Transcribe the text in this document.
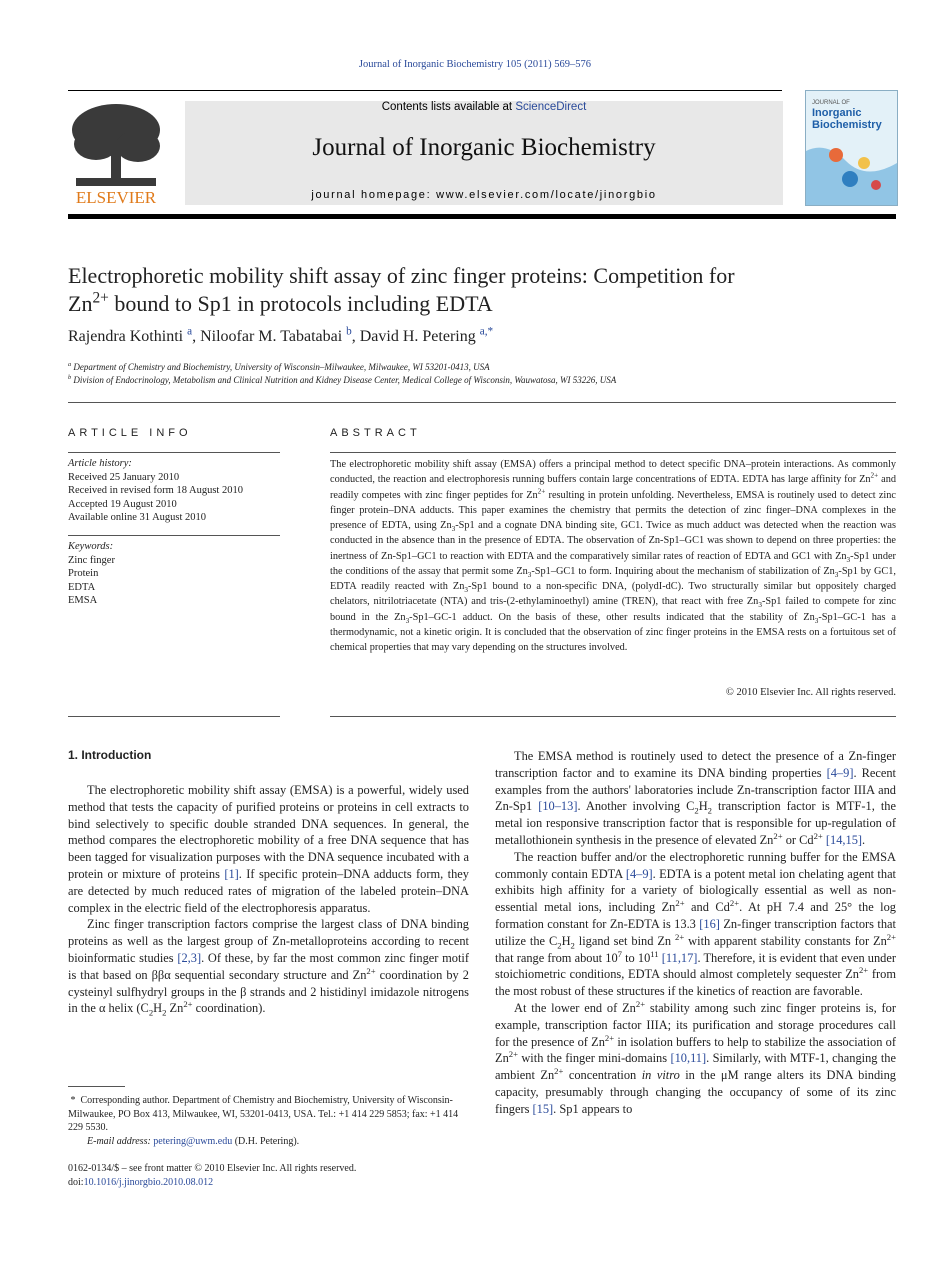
Journal of Inorganic Biochemistry 105 (2011) 569–576
ELSEVIER
Contents lists available at ScienceDirect
Journal of Inorganic Biochemistry
journal homepage: www.elsevier.com/locate/jinorgbio
JOURNAL OF
Inorganic
Biochemistry
Electrophoretic mobility shift assay of zinc finger proteins: Competition for
$Zn^{2+}$ bound to Sp1 in protocols including EDTA
Rajendra Kothinti $^a$, Niloofar M. Tabatabai $^b$, David H. Petering $^{a,*}$
$^a$ Department of Chemistry and Biochemistry, University of Wisconsin–Milwaukee, Milwaukee, WI 53201-0413, USA
$^b$ Division of Endocrinology, Metabolism and Clinical Nutrition and Kidney Disease Center, Medical College of Wisconsin, Wauwatosa, WI 53226, USA
ARTICLE INFO
Article history:
Received 25 January 2010
Received in revised form 18 August 2010
Accepted 19 August 2010
Available online 31 August 2010
Keywords:
Zinc finger
Protein
EDTA
EMSA
ABSTRACT
The electrophoretic mobility shift assay (EMSA) offers a principal method to detect specific DNA–protein interactions. As commonly conducted, the reaction and electrophoresis running buffers contain large concentrations of EDTA. EDTA has large affinity for $Zn^{2+}$ and readily competes with zinc finger peptides for $Zn^{2+}$ resulting in protein unfolding. Nevertheless, EMSA is routinely used to detect zinc finger protein–DNA adducts. This paper examines the chemistry that permits the detection of zinc finger–DNA complexes in the presence of EDTA, using $Zn_3-Sp1$ and a cognate DNA binding site, GC1. Twice as much adduct was detected when the reaction was conducted in the absence than in the presence of EDTA. The observation of Zn-Sp1–GC1 was shown to depend on three properties: the inertness of Zn-Sp1–GC1 to reaction with EDTA and the comparatively similar rates of reaction of EDTA and GC1 with $Zn_3-Sp1$ under the conditions of the assay that permit some $Zn_3-Sp1-GC1$ to form. Inquiring about the mechanism of stabilization of $Zn_3-Sp1$ by GC1, EDTA readily reacted with $Zn_3-Sp1$ bound to a non-specific DNA, (polydI-dC). Two structurally similar but oppositely charged chelators, nitrilotriacetate (NTA) and tris-(2-ethylaminoethyl) amine (TREN), that react with free $Zn_3-Sp1$ failed to compete for zinc bound in the $Zn_3-Sp1-GC-1$ adduct. On the basis of these, other results indicated that the stability of $Zn_3-Sp1-GC-1$ has a thermodynamic, not a kinetic origin. It is concluded that the observation of zinc finger proteins in the EMSA rests on a fortuitous set of chemical properties that may vary depending on the structures involved.
© 2010 Elsevier Inc. All rights reserved.
1. Introduction

The electrophoretic mobility shift assay (EMSA) is a powerful, widely used method that tests the capacity of purified proteins or proteins in cell extracts to bind selectively to specific double stranded DNA sequences. In general, the method compares the electrophoretic mobility of a free DNA sequence that has been tagged for visualization purposes with the DNA sequence incubated with a protein or mixture of proteins [1]. If specific protein–DNA adducts form, they are detected by much reduced rates of migration of the labeled protein–DNA complex in the electric field of the electrophoresis apparatus.

Zinc finger transcription factors comprise the largest class of DNA binding proteins as well as the largest group of Zn-metalloproteins according to recent bioinformatic studies [2,3]. Of these, by far the most common zinc finger motif is that based on ββα sequential secondary structure and $Zn^{2+}$ coordination by 2 cysteinyl sulfhydryl groups in the β strands and 2 histidinyl imidazole nitrogens in the α helix ($C_2H_2$ $Zn^{2+}$ coordination).

The EMSA method is routinely used to detect the presence of a Zn-finger transcription factor and to examine its DNA binding properties [4–9]. Recent examples from the authors' laboratories include Zn-transcription factor IIIA and Zn-Sp1 [10–13]. Another involving $C_2H_2$ transcription factor is MTF-1, the metal ion responsive transcription factor that is responsible for up-regulation of metallothionein synthesis in the presence of elevated $Zn^{2+}$ or $Cd^{2+}$ [14,15].

The reaction buffer and/or the electrophoretic running buffer for the EMSA commonly contain EDTA [4–9]. EDTA is a potent metal ion chelating agent that exhibits high affinity for a variety of biologically essential as well as non-essential metal ions, including $Zn^{2+}$ and $Cd^{2+}$. At pH 7.4 and 25° the log formation constant for Zn-EDTA is 13.3 [16] Zn-finger transcription factors that utilize the $C_2H_2$ ligand set bind Zn $^{2+}$ with apparent stability constants for $Zn^{2+}$ that range from about $10^7$ to $10^{11}$ [11,17]. Therefore, it is evident that even under stoichiometric conditions, EDTA should almost completely sequester $Zn^{2+}$ from the most robust of these structures if the kinetics of reaction are favorable.

At the lower end of $Zn^{2+}$ stability among such zinc finger proteins is, for example, transcription factor IIIA; its purification and storage procedures call for the presence of $Zn^{2+}$ in isolation buffers to help to stabilize the association of $Zn^{2+}$ with the finger mini-domains [10,11]. Similarly, with MTF-1, changing the ambient $Zn^{2+}$ concentration in vitro in the μM range alters its DNA binding capacity, presumably through changing the occupancy of some of its zinc fingers [15]. Sp1 appears to

*  Corresponding author. Department of Chemistry and Biochemistry, University of Wisconsin-Milwaukee, PO Box 413, Milwaukee, WI, 53201-0413, USA. Tel.: +1 414 229 5853; fax: +1 414 229 5530.

E-mail address: petering@uwm.edu (D.H. Petering).

0162-0134/$ – see front matter © 2010 Elsevier Inc. All rights reserved.
doi:10.1016/j.jinorgbio.2010.08.012
